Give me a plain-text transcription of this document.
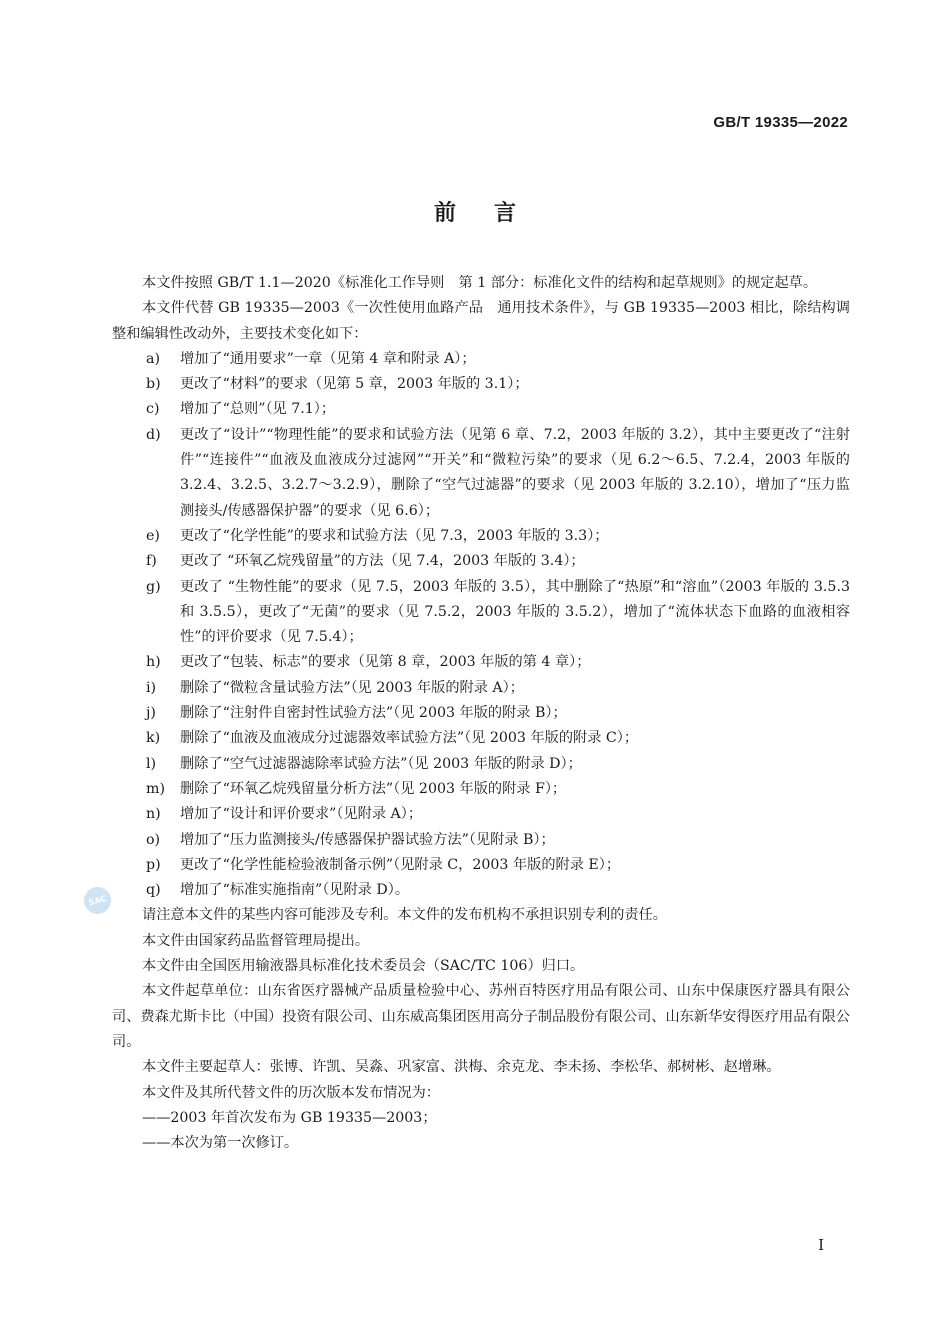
GB/T 19335—2022
前言

本文件按照 GB/T 1.1—2020《标准化工作导则　第 1 部分：标准化文件的结构和起草规则》的规定起草。

本文件代替 GB 19335—2003《一次性使用血路产品　通用技术条件》，与 GB 19335—2003 相比，除结构调整和编辑性改动外，主要技术变化如下：

a) 增加了“通用要求”一章（见第 4 章和附录 A）；

b) 更改了“材料”的要求（见第 5 章，2003 年版的 3.1）；

c) 增加了“总则”（见 7.1）；

d) 更改了“设计”“物理性能”的要求和试验方法（见第 6 章、7.2，2003 年版的 3.2），其中主要更改了“注射件”“连接件”“血液及血液成分过滤网”“开关”和“微粒污染”的要求（见 6.2～6.5、7.2.4，2003 年版的 3.2.4、3.2.5、3.2.7～3.2.9），删除了“空气过滤器”的要求（见 2003 年版的 3.2.10），增加了“压力监测接头/传感器保护器”的要求（见 6.6）；

e) 更改了“化学性能”的要求和试验方法（见 7.3，2003 年版的 3.3）；

f) 更改了 “环氧乙烷残留量”的方法（见 7.4，2003 年版的 3.4）；

g) 更改了 “生物性能”的要求（见 7.5，2003 年版的 3.5），其中删除了“热原”和“溶血”（2003 年版的 3.5.3 和 3.5.5），更改了“无菌”的要求（见 7.5.2，2003 年版的 3.5.2），增加了“流体状态下血路的血液相容性”的评价要求（见 7.5.4）；

h) 更改了“包装、标志”的要求（见第 8 章，2003 年版的第 4 章）；

i) 删除了“微粒含量试验方法”（见 2003 年版的附录 A）；

j) 删除了“注射件自密封性试验方法”（见 2003 年版的附录 B）；

k) 删除了“血液及血液成分过滤器效率试验方法”（见 2003 年版的附录 C）；

l) 删除了“空气过滤器滤除率试验方法”（见 2003 年版的附录 D）；

m) 删除了“环氧乙烷残留量分析方法”（见 2003 年版的附录 F）；

n) 增加了“设计和评价要求”（见附录 A）；

o) 增加了“压力监测接头/传感器保护器试验方法”（见附录 B）；

p) 更改了“化学性能检验液制备示例”（见附录 C，2003 年版的附录 E）；

q) 增加了“标准实施指南”（见附录 D）。

请注意本文件的某些内容可能涉及专利。本文件的发布机构不承担识别专利的责任。

本文件由国家药品监督管理局提出。

本文件由全国医用输液器具标准化技术委员会（SAC/TC 106）归口。

本文件起草单位：山东省医疗器械产品质量检验中心、苏州百特医疗用品有限公司、山东中保康医疗器具有限公司、费森尤斯卡比（中国）投资有限公司、山东威高集团医用高分子制品股份有限公司、山东新华安得医疗用品有限公司。

本文件主要起草人：张博、许凯、吴淼、巩家富、洪梅、余克龙、李未扬、李松华、郝树彬、赵增琳。

本文件及其所代替文件的历次版本发布情况为：

——2003 年首次发布为 GB 19335—2003；

——本次为第一次修订。

SAC
Ⅰ
